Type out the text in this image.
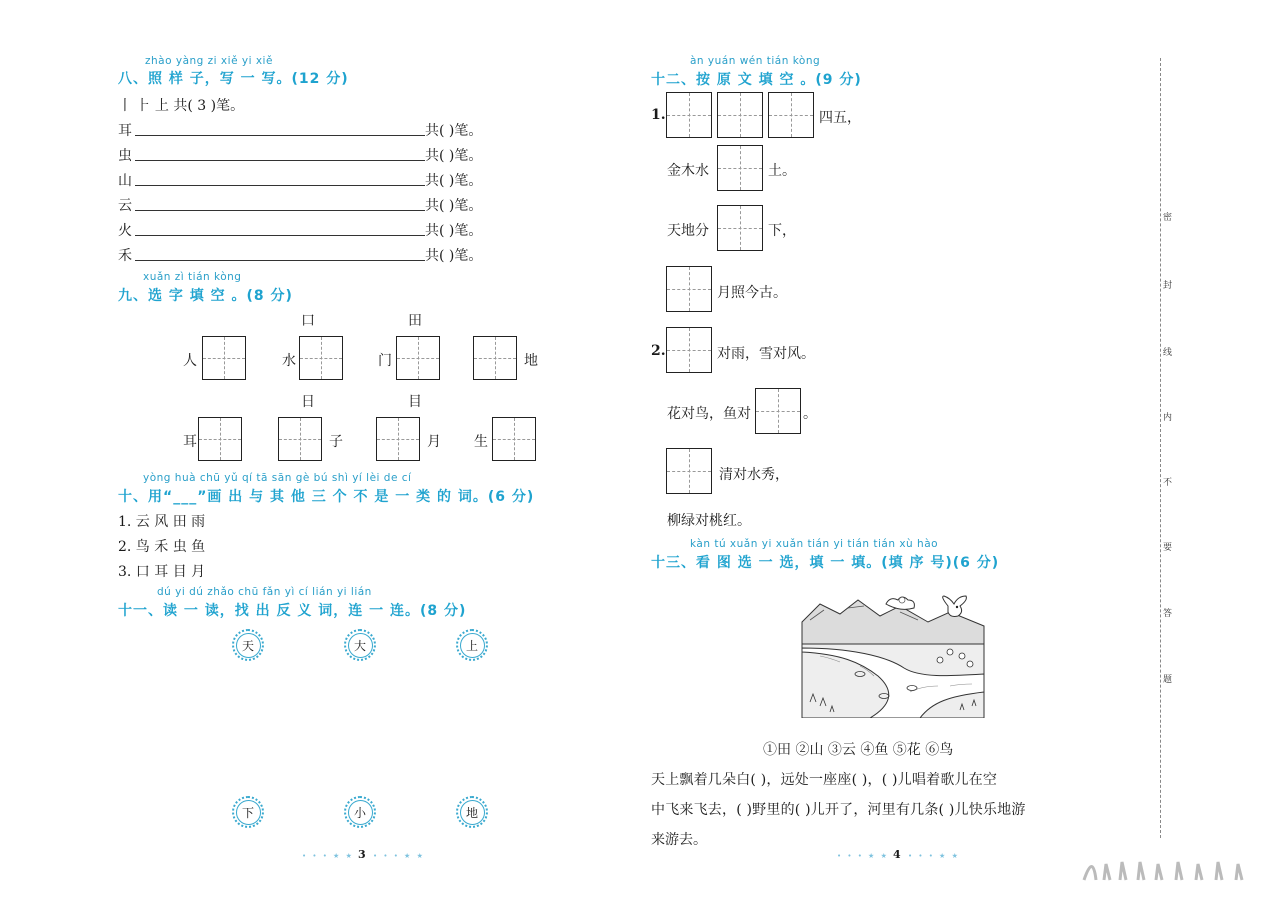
zhào yàng zi xiě yi xiě
八、照 样 子，写 一 写。(12 分)
丨 ⺊ 上 共( 3 )笔。
耳	共( )笔。
虫	共( )笔。
山	共( )笔。
云	共( )笔。
火	共( )笔。
禾	共( )笔。
xuǎn zì tián kòng
九、选 字 填 空 。(8 分)
口	田
人	水	门	地
日	目
耳	子	月 生
yòng huà chū yǔ qí tā sān gè bú shì yí lèi de cí
十、用“___”画 出 与 其 他 三 个 不 是 一 类 的 词。(6 分)
1. 云 风 田 雨
2. 鸟 禾 虫 鱼
3. 口 耳 目 月
dú yi dú zhǎo chū fǎn yì cí lián yi lián
十一、读 一 读，找 出 反 义 词，连 一 连。(8 分)
天	大	上
下	小	地
• • • ★ ★ 3 • • • ★ ★
àn yuán wén tián kòng
十二、按 原 文 填 空 。(9 分)
1.	四五，
金木水	土。
天地分	下，
月照今古。
2.	对雨，雪对风。
花对鸟，鱼对	。
清对水秀，
柳绿对桃红。
kàn tú xuǎn yi xuǎn tián yi tián tián xù hào
十三、看 图 选 一 选，填 一 填。(填 序 号)(6 分)
①田 ②山 ③云 ④鱼 ⑤花 ⑥鸟
天上飘着几朵白( )，远处一座座( )，( )儿唱着歌儿在空
中飞来飞去，( )野里的( )儿开了，河里有几条( )儿快乐地游
来游去。
• • • ★ ★ 4 • • • ★ ★
密
封
线
内
不
要
答
题
